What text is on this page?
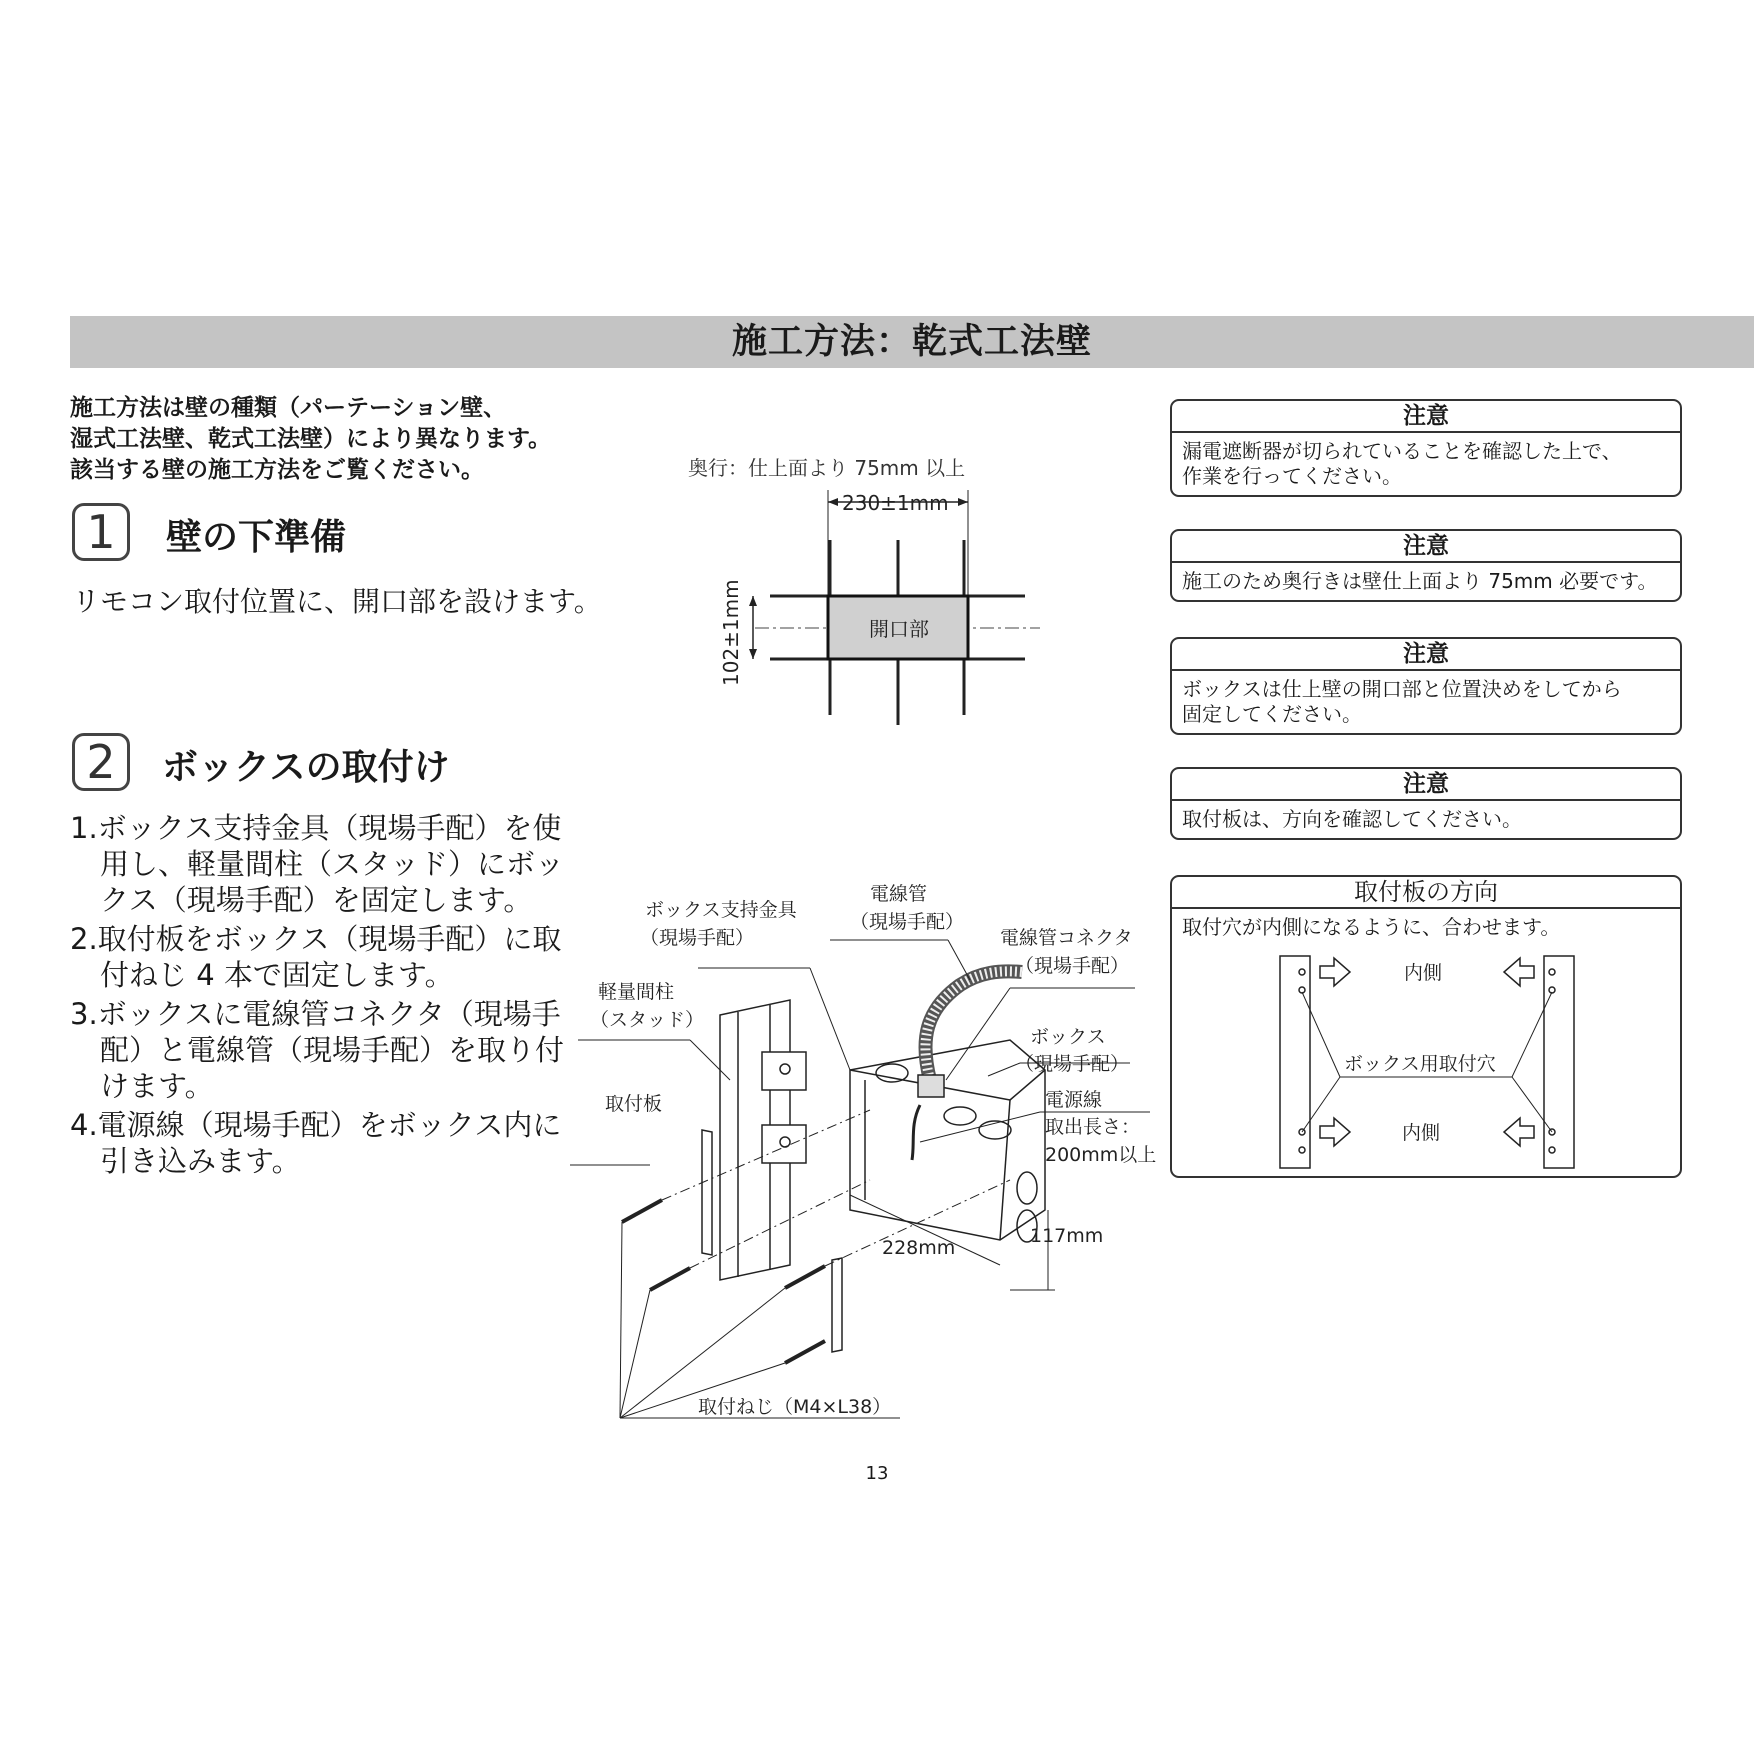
施工方法：乾式工法壁
施工方法は壁の種類（パーテーション壁、
湿式工法壁、乾式工法壁）により異なります。
該当する壁の施工方法をご覧ください。
1	壁の下準備
リモコン取付位置に、開口部を設けます。
2	ボックスの取付け
1.ボックス支持金具（現場手配）を使用し、軽量間柱（スタッド）にボックス（現場手配）を固定します。
2.取付板をボックス（現場手配）に取付ねじ 4 本で固定します。
3.ボックスに電線管コネクタ（現場手配）と電線管（現場手配）を取り付けます。
4.電源線（現場手配）をボックス内に引き込みます。
奥行：仕上面より 75mm 以上
230±1mm
開口部
102±1mm
ボックス支持金具
（現場手配）
電線管
（現場手配）
電線管コネクタ
（現場手配）
軽量間柱
（スタッド）
ボックス
（現場手配）
電源線
取出長さ：
200mm以上
取付板
228mm
117mm
取付ねじ（M4×L38）
注意
漏電遮断器が切られていることを確認した上で、
作業を行ってください。
注意
施工のため奥行きは壁仕上面より 75mm 必要です。
注意
ボックスは仕上壁の開口部と位置決めをしてから
固定してください。
注意
取付板は、方向を確認してください。
取付板の方向
取付穴が内側になるように、合わせます。
内側
内側
ボックス用取付穴
13
